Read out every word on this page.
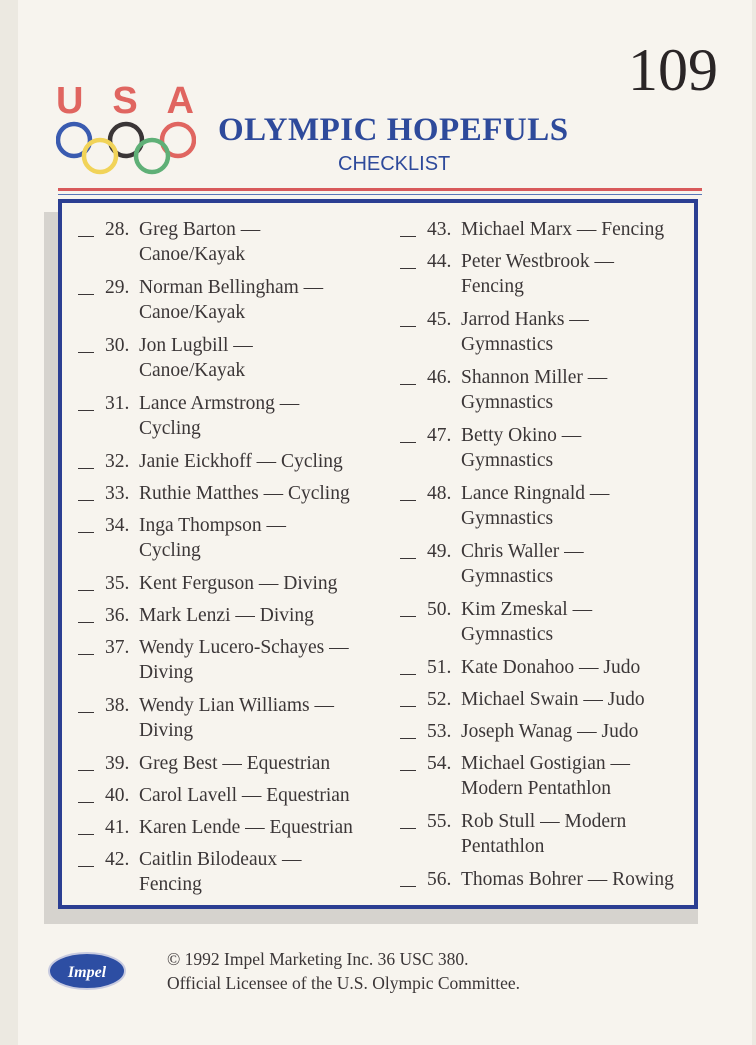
109
U S A
OLYMPIC HOPEFULS
CHECKLIST
28. Greg Barton —
Canoe/Kayak
29. Norman Bellingham —
Canoe/Kayak
30. Jon Lugbill —
Canoe/Kayak
31. Lance Armstrong —
Cycling
32. Janie Eickhoff — Cycling
33. Ruthie Matthes — Cycling
34. Inga Thompson —
Cycling
35. Kent Ferguson — Diving
36. Mark Lenzi — Diving
37. Wendy Lucero-Schayes —
Diving
38. Wendy Lian Williams —
Diving
39. Greg Best — Equestrian
40. Carol Lavell — Equestrian
41. Karen Lende — Equestrian
42. Caitlin Bilodeaux —
Fencing
43. Michael Marx — Fencing
44. Peter Westbrook —
Fencing
45. Jarrod Hanks —
Gymnastics
46. Shannon Miller —
Gymnastics
47. Betty Okino —
Gymnastics
48. Lance Ringnald —
Gymnastics
49. Chris Waller —
Gymnastics
50. Kim Zmeskal —
Gymnastics
51. Kate Donahoo — Judo
52. Michael Swain — Judo
53. Joseph Wanag — Judo
54. Michael Gostigian —
Modern Pentathlon
55. Rob Stull — Modern
Pentathlon
56. Thomas Bohrer — Rowing
Impel
© 1992 Impel Marketing Inc. 36 USC 380.
Official Licensee of the U.S. Olympic Committee.
